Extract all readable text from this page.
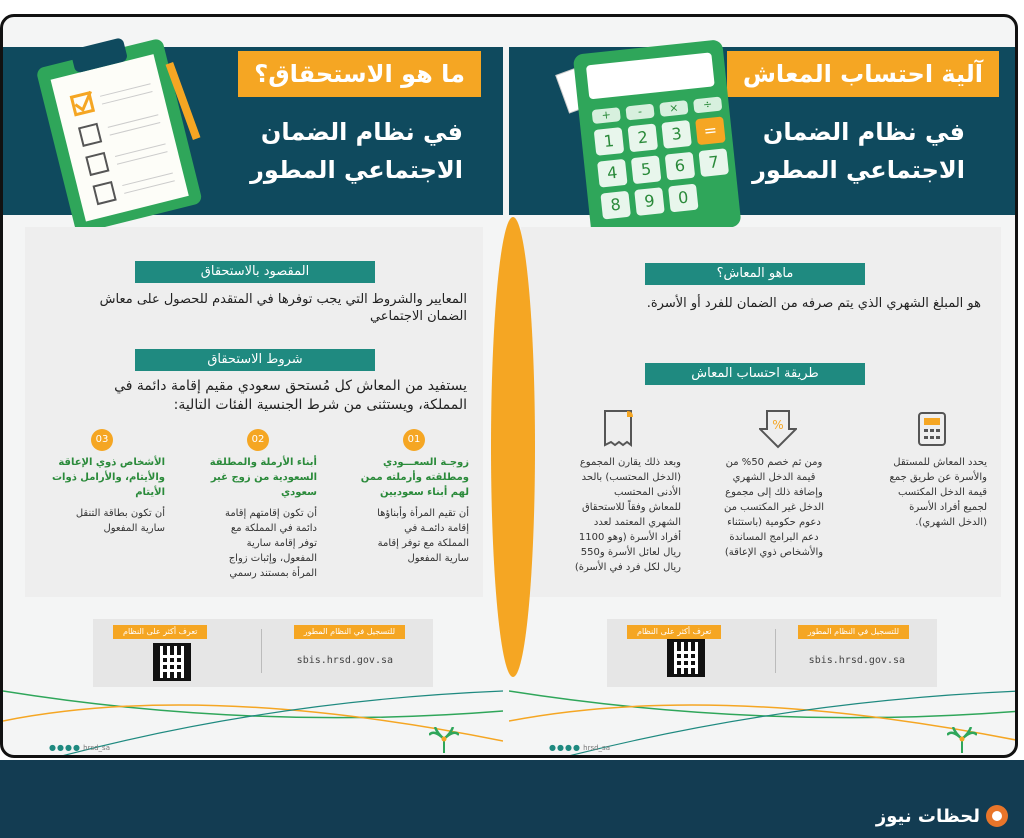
ما هو الاستحقاق؟
في نظام الضمان
الاجتماعي المطور
المقصود بالاستحقاق
المعايير والشروط التي يجب توفرها في المتقدم للحصول على معاش
الضمان الاجتماعي
شروط الاستحقاق
يستفيد من المعاش كل مُستحق سعودي مقيم إقامة دائمة في
المملكة، ويستثنى من شرط الجنسية الفئات التالية:
01
زوجـة السعـــودي
ومطلقته وأرملته ممن
لهم أبناء سعوديين
أن تقيم المرأة وأبناؤها
إقامة دائمـة في
المملكة مع توفر إقامة
سارية المفعول
02
أبناء الأرملة والمطلقة
السعودية من زوج غير
سعودي
أن تكون إقامتهم إقامة
دائمة في المملكة مع
توفر إقامة سارية
المفعول، وإثبات زواج
المرأة بمستند رسمي
03
الأشخاص ذوي الإعاقة
والأيتام، والأرامل ذوات
الأيتام
أن تكون بطاقة التنقل
سارية المفعول
للتسجيل في النظام المطور
تعرف أكثر على النظام
sbis.hrsd.gov.sa
●●●● hrsd_sa
آلية احتساب المعاش
في نظام الضمان
الاجتماعي المطور
+	-	×	÷
1	2	3	=
4	5	6	7
8	9	0
ماهو المعاش؟
هو المبلغ الشهري الذي يتم صرفه من الضمان للفرد أو الأسرة.
طريقة احتساب المعاش
%
يحدد المعاش للمستقل
والأسرة عن طريق جمع
قيمة الدخل المكتسب
لجميع أفراد الأسرة
(الدخل الشهري).
ومن ثم خصم 50% من
قيمة الدخل الشهري
وإضافة ذلك إلى مجموع
الدخل غير المكتسب من
دعوم حكومية (باستثناء
دعم البرامج المساندة
والأشخاص ذوي الإعاقة)
وبعد ذلك يقارن المجموع
(الدخل المحتسب) بالحد
الأدنى المحتسب
للمعاش وفقاً للاستحقاق
الشهري المعتمد لعدد
أفراد الأسرة (وهو 1100
ريال لعائل الأسرة و550
ريال لكل فرد في الأسرة)
للتسجيل في النظام المطور
تعرف أكثر على النظام
sbis.hrsd.gov.sa
●●●● hrsd_sa
لحظات نيوز
